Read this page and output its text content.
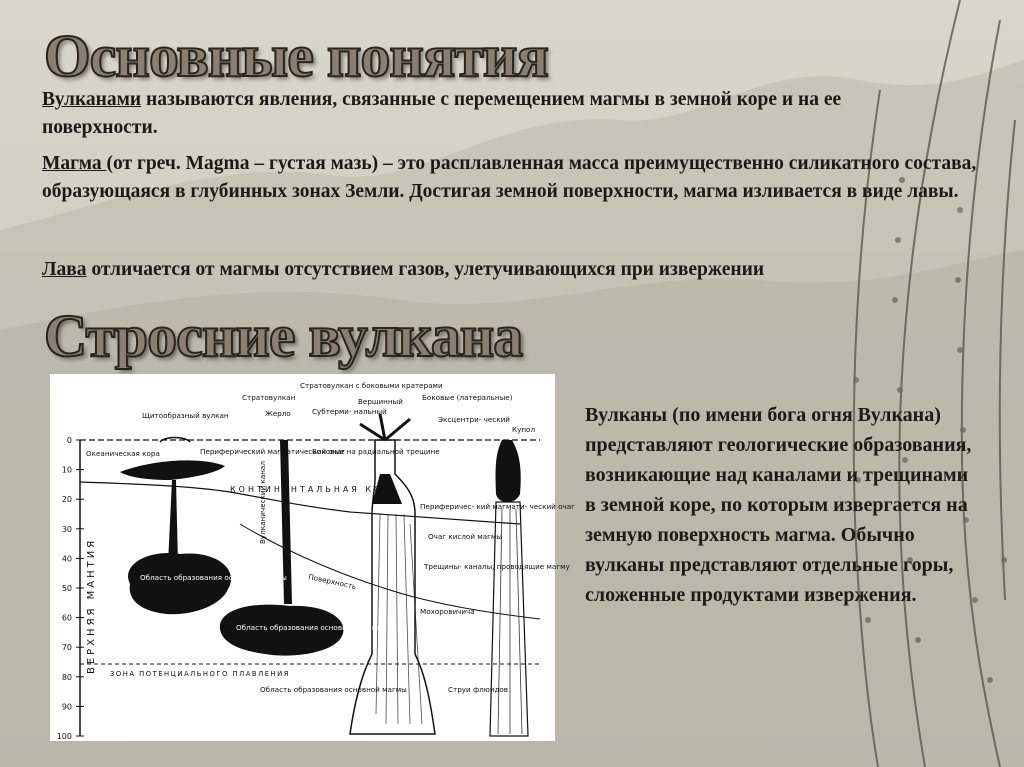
Основные понятия
Вулканами называются явления, связанные с перемещением магмы в земной коре и на ее поверхности.
Магма (от греч. Magma – густая мазь) – это расплавленная масса преимущественно силикатного состава, образующаяся в глубинных зонах Земли. Достигая земной поверхности, магма изливается в виде лавы.
Лава отличается от магмы отсутствием газов, улетучивающихся при извержении
Стросние вулкана
0
10
20
30
40
50
60
70
80
90
100
ВЕРХНЯЯ МАНТИЯ
Щитообразный вулкан
Стратовулкан
Стратовулкан с боковыми кратерами
Жерло
Вершинный	Боковые (латеральные)
Субтерми- нальный
Эксцентри- ческий
Купол
Океаническая кора	Периферический магматический очаг
Боковые на радиальной трещине
КОНТИНЕНТАЛЬНАЯ КОРА
Вулканический канал	Периферичес- кий магмати- ческий очаг
Очаг кислой магмы
Трещины- каналы, проводящие магму
Поверхность
Мохоровичича
Область образования основной магмы
Область образования основной магмы
Область образования основной магмы
ЗОНА ПОТЕНЦИАЛЬНОГО ПЛАВЛЕНИЯ
Струи флюидов
Вулканы (по имени бога огня Вулкана) представляют геологические образования, возникающие над каналами и трещинами в земной коре, по которым извергается на земную поверхность магма. Обычно вулканы представляют отдельные горы, сложенные продуктами извержения.
